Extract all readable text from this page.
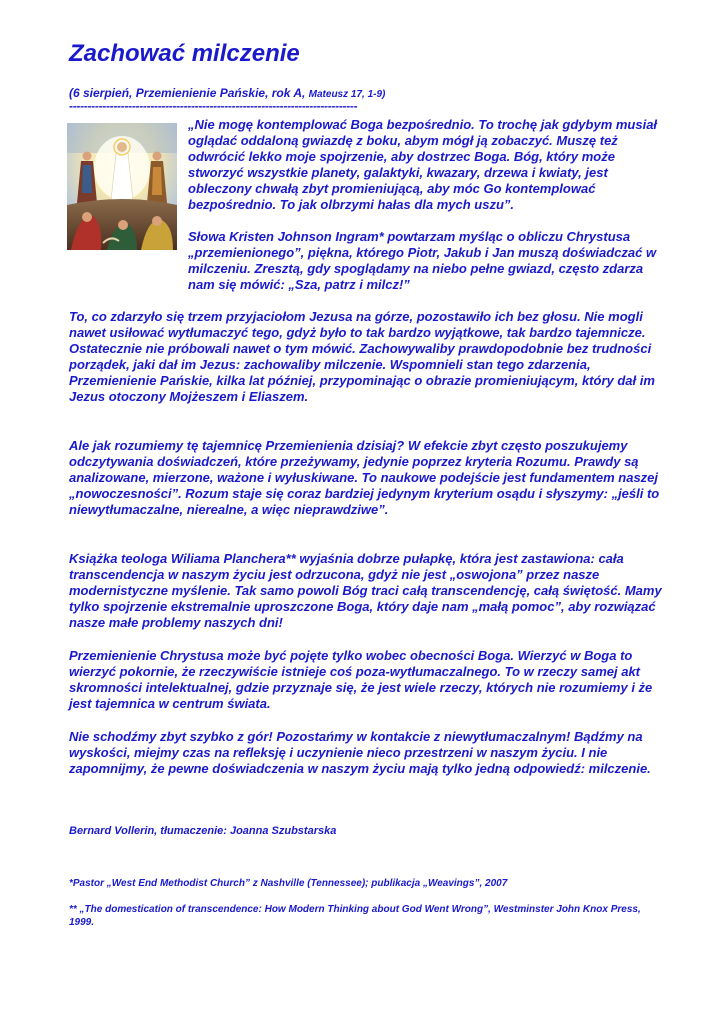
Zachować milczenie
(6 sierpień, Przemienienie Pańskie, rok A, Mateusz 17, 1-9)
------------------------------------------------------------------------------

„Nie mogę kontemplować Boga bezpośrednio. To trochę jak gdybym musiał oglądać oddaloną gwiazdę z boku, abym mógł ją zobaczyć. Muszę też odwrócić lekko moje spojrzenie, aby dostrzec Boga. Bóg, który może stworzyć wszystkie planety, galaktyki, kwazary, drzewa i kwiaty, jest obleczony chwałą zbyt promieniującą, aby móc Go kontemplować bezpośrednio. To jak olbrzymi hałas dla mych uszu”.

Słowa Kristen Johnson Ingram* powtarzam myśląc o obliczu Chrystusa „przemienionego”, piękna, którego Piotr, Jakub i Jan muszą doświadczać w milczeniu. Zresztą, gdy spoglądamy na niebo pełne gwiazd, często zdarza nam się mówić: „Sza, patrz i milcz!”

To, co zdarzyło się trzem przyjaciołom Jezusa na górze, pozostawiło ich bez głosu. Nie mogli nawet usiłować wytłumaczyć tego, gdyż było to tak bardzo wyjątkowe, tak bardzo tajemnicze. Ostatecznie nie próbowali nawet o tym mówić. Zachowywaliby prawdopodobnie bez trudności porządek, jaki dał im Jezus: zachowaliby milczenie. Wspomnieli stan tego zdarzenia, Przemienienie Pańskie, kilka lat później, przypominając o obrazie promieniującym, który dał im Jezus otoczony Mojżeszem i Eliaszem.

Ale jak rozumiemy tę tajemnicę Przemienienia dzisiaj? W efekcie zbyt często poszukujemy odczytywania doświadczeń, które przeżywamy, jedynie poprzez kryteria Rozumu. Prawdy są analizowane, mierzone, ważone i wyłuskiwane. To naukowe podejście jest fundamentem naszej „nowoczesności”. Rozum staje się coraz bardziej jedynym kryterium osądu i słyszymy: „jeśli to niewytłumaczalne, nierealne, a więc nieprawdziwe”.

Książka teologa Wiliama Planchera** wyjaśnia dobrze pułapkę, która jest zastawiona: cała transcendencja w naszym życiu jest odrzucona, gdyż nie jest „oswojona” przez nasze modernistyczne myślenie. Tak samo powoli Bóg traci całą transcendencję, całą świętość. Mamy tylko spojrzenie ekstremalnie uproszczone Boga, który daje nam „małą pomoc”, aby rozwiązać nasze małe problemy naszych dni!

Przemienienie Chrystusa może być pojęte tylko wobec obecności Boga. Wierzyć w Boga to wierzyć pokornie, że rzeczywiście istnieje coś poza-wytłumaczalnego. To w rzeczy samej akt skromności intelektualnej, gdzie przyznaje się, że jest wiele rzeczy, których nie rozumiemy i że jest tajemnica w centrum świata.

Nie schodźmy zbyt szybko z gór! Pozostańmy w kontakcie z niewytłumaczalnym! Bądźmy na wyskości, miejmy czas na refleksję i uczynienie nieco przestrzeni w naszym życiu. I nie zapomnijmy, że pewne doświadczenia w naszym życiu mają tylko jedną odpowiedź: milczenie.

Bernard Vollerin, tłumaczenie: Joanna Szubstarska

*Pastor „West End Methodist Church” z Nashville (Tennessee); publikacja „Weavings”, 2007

** „The domestication of transcendence: How Modern Thinking about God Went Wrong”, Westminster John Knox Press, 1999.
